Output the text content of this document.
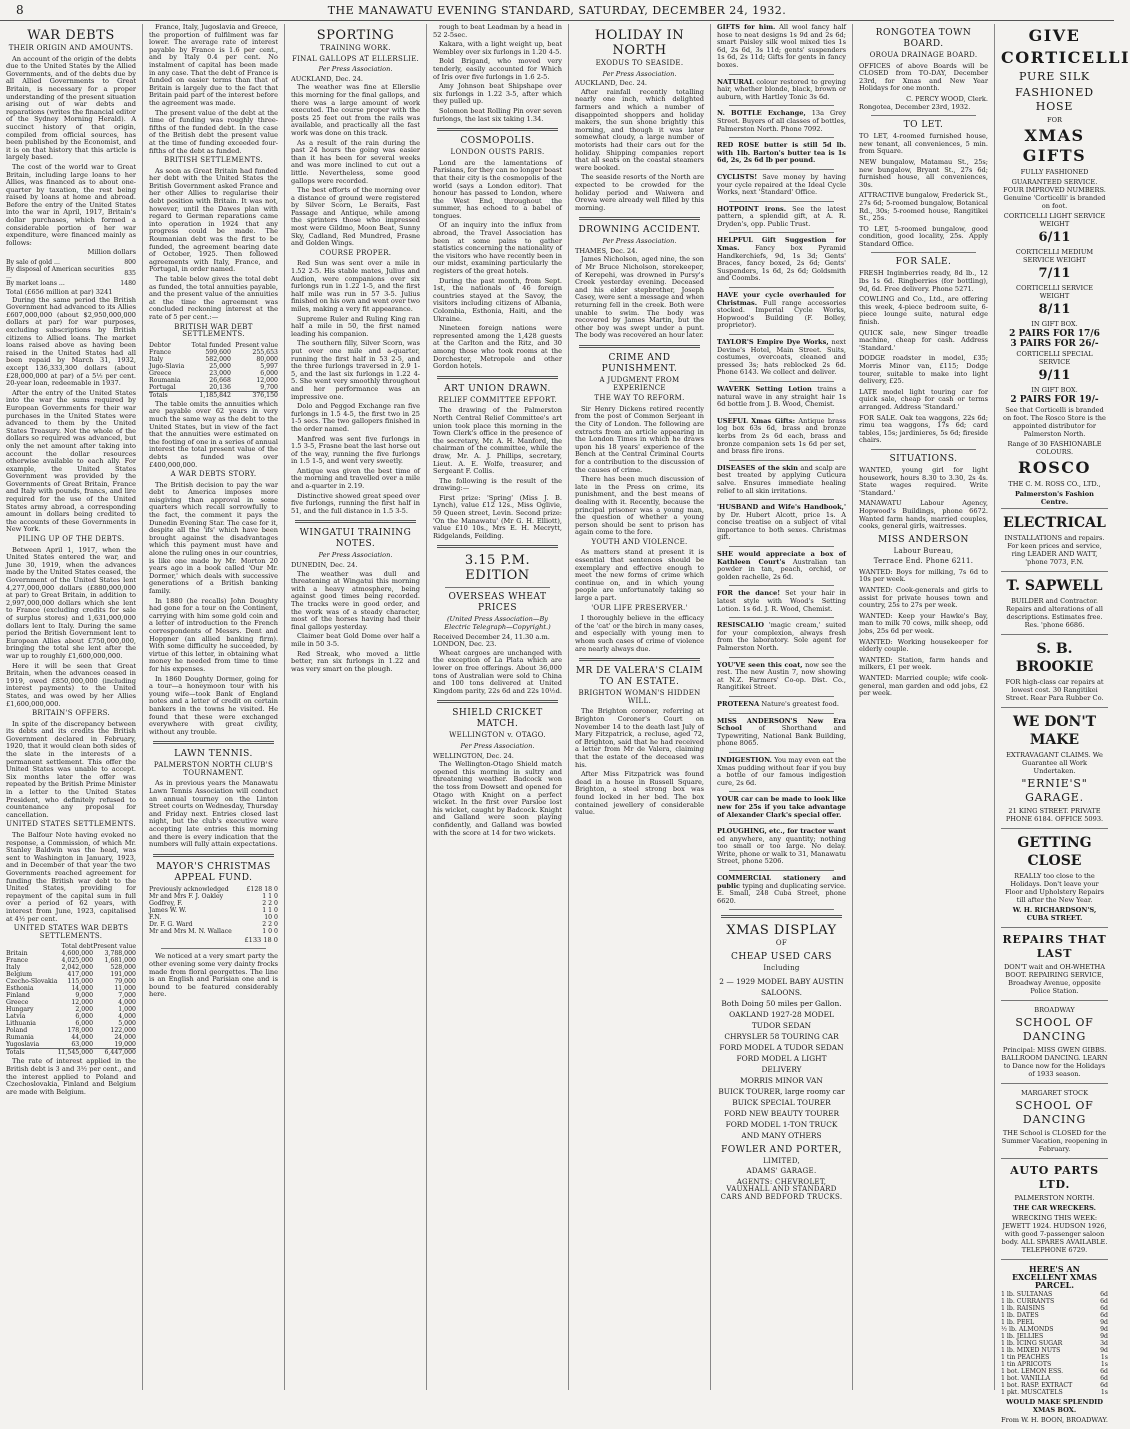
8	THE MANAWATU EVENING STANDARD, SATURDAY, DECEMBER 24, 1932.
WAR DEBTS
THEIR ORIGIN AND AMOUNTS.

An account of the origin of the debts due to the United States by the Allied Governments, and of the debts due by all Allied Governments to Great Britain, is necessary for a proper understanding of the present situation arising out of war debts and reparations (writes the financial editor of the Sydney Morning Herald). A succinct history of that origin, compiled from official sources, has been published by the Economist, and it is on that history that this article is largely based.

The cost of the world war to Great Britain, including large loans to her Allies, was financed as to about one-quarter by taxation, the rest being raised by loans at home and abroad. Before the entry of the United States into the war in April, 1917, Britain's dollar purchases, which formed a considerable portion of her war expenditure, were financed mainly as follows:

Million dollars
By sale of gold ...	800
By disposal of American securities ...	835
By market loans ...	1480
Total (£656 million at par) 3241

During the same period the British Government had advanced to its Allies £607,000,000 (about $2,950,000,000 dollars at par) for war purposes, excluding subscriptions by British citizens to Allied loans. The market loans raised above as having been raised in the United States had all been repaid by March 31, 1932, except 136,333,300 dollars (about £28,000,000 at par) of a 5½ per cent. 20-year loan, redeemable in 1937.

After the entry of the United States into the war the sums required by European Governments for their war purchases in the United States were advanced to them by the United States Treasury. Not the whole of the dollars so required was advanced, but only the net amount after taking into account the dollar resources otherwise available to each ally. For example, the United States Government was provided by the Governments of Great Britain, France and Italy with pounds, francs, and lire required for the use of the United States army abroad, a corresponding amount in dollars being credited to the accounts of these Governments in New York.

PILING UP OF THE DEBTS.

Between April 1, 1917, when the United States entered the war, and June 30, 1919, when the advances made by the United States ceased, the Government of the United States lent 4,277,000,000 dollars (£880,000,000 at par) to Great Britain, in addition to 2,997,000,000 dollars which she lent to France (excluding credits for sale of surplus stores) and 1,631,000,000 dollars lent to Italy. During the same period the British Government lent to European Allies about £750,000,000, bringing the total she lent after the war up to roughly £1,600,000,000.

Here it will be seen that Great Britain, when the advances ceased in 1919, owed £850,000,000 (including interest payments) to the United States, and was owed by her Allies £1,600,000,000.

BRITAIN'S OFFERS.

In spite of the discrepancy between its debts and its credits the British Government declared in February, 1920, that it would clean both sides of the slate in the interests of a permanent settlement. This offer the United States was unable to accept. Six months later the offer was repeated by the British Prime Minister in a letter to the United States President, who definitely refused to countenance any proposal for cancellation.

UNITED STATES SETTLEMENTS.

The Balfour Note having evoked no response, a Commission, of which Mr. Stanley Baldwin was the head, was sent to Washington in January, 1923, and in December of that year the two Governments reached agreement for funding the British war debt to the United States, providing for repayment of the capital sum in full over a period of 62 years, with interest from June, 1923, capitalised at 4½ per cent.

UNITED STATES WAR DEBTS SETTLEMENTS.
	Total debt	Present value
Britain	4,600,000	3,788,000
France	4,025,000	1,681,000
Italy	2,042,000	528,000
Belgium	417,000	191,000
Czecho-Slovakia	115,000	79,000
Esthonia	14,000	11,000
Finland	9,000	7,000
Greece	12,000	4,000
Hungary	2,000	1,000
Latvia	6,000	4,000
Lithuania	6,000	5,000
Poland	178,000	122,000
Rumania	44,000	24,000
Yugoslavia	63,000	19,000
Totals	11,545,000	6,447,000

The rate of interest applied in the British debt is 3 and 3½ per cent., and the interest applied to Poland and Czechoslovakia, Finland and Belgium are made with Belgium.

France, Italy, Jugoslavia and Greece, the proportion of fulfilment was far lower. The average rate of interest payable by France is 1.6 per cent., and by Italy 0.4 per cent. No instalment of capital has been made in any case. That the debt of France is funded on easier terms than that of Britain is largely due to the fact that Britain paid part of the interest before the agreement was made.

The present value of the debt at the time of funding was roughly three-fifths of the funded debt. In the case of the British debt the present value at the time of funding exceeded four-fifths of the debt as funded.

BRITISH SETTLEMENTS.

As soon as Great Britain had funded her debt with the United States the British Government asked France and her other Allies to regularise their debt position with Britain. It was not, however, until the Dawes plan with regard to German reparations came into operation in 1924 that any progress could be made. The Roumanian debt was the first to be funded, the agreement bearing date of October, 1925. Then followed agreements with Italy, France, and Portugal, in order named.

The table below gives the total debt as funded, the total annuities payable, and the present value of the annuities at the time the agreement was concluded reckoning interest at the rate of 5 per cent.:—

BRITISH WAR DEBT SETTLEMENTS.
Debtor	Total funded	Present value
France	599,600	255,653
Italy	582,000	80,000
Jugo-Slavia	25,000	5,997
Greece	23,000	6,000
Roumania	26,668	12,000
Portugal	20,136	9,700
Totals	1,185,842	376,150

The table omits the annuities which are payable over 62 years in very much the same way as the debt to the United States, but in view of the fact that the annuities were estimated on the footing of one in a series of annual interest the total present value of the debts as funded was over £400,000,000.

A WAR DEBTS STORY.

The British decision to pay the war debt to America imposes more misgiving than approval in some quarters which recall sorrowfully to the fact, the comment it pays the Dunedin Evening Star. The case for it, despite all the 'ifs' which have been brought against the disadvantages which this payment must have and alone the ruling ones in our countries, is like one made by Mr. Morton 20 years ago in a book called 'Our Mr. Dormer,' which deals with successive generations of a British banking family.

In 1880 (he recalls) John Doughty had gone for a tour on the Continent, carrying with him some gold coin and a letter of introduction to the French correspondents of Messrs. Dent and Hoppner (an allied banking firm). With some difficulty he succeeded, by virtue of this letter, in obtaining what money he needed from time to time for his expenses.

In 1860 Doughty Dormer, going for a tour—a honeymoon tour with his young wife—took Bank of England notes and a letter of credit on certain bankers in the towns he visited. He found that these were exchanged everywhere with great civility, without any trouble.

LAWN TENNIS.
PALMERSTON NORTH CLUB'S TOURNAMENT.

As in previous years the Manawatu Lawn Tennis Association will conduct an annual tourney on the Linton Street courts on Wednesday, Thursday and Friday next. Entries closed last night, but the club's executive were accepting late entries this morning and there is every indication that the numbers will fully attain expectations.

MAYOR'S CHRISTMAS APPEAL FUND.
Previously acknowledged	£128 18 0
Mr and Mrs F. J. Oakley	1 1 0
Godfrey, F.	2 2 0
James W. W.	1 1 0
F.N.	10 0
Dr. F. G. Ward	2 2 0
Mr and Mrs M. N. Wallace	1 0 0
£133 18 0

We noticed at a very smart party the other evening some very dainty frocks made from floral georgettes. The line is an English and Parisian one and is bound to be featured considerably here.

SPORTING
TRAINING WORK.
FINAL GALLOPS AT ELLERSLIE.
Per Press Association.
AUCKLAND, Dec. 24.

The weather was fine at Ellerslie this morning for the final gallops, and there was a large amount of work executed. The course proper with the posts 25 feet out from the rails was available, and practically all the fast work was done on this track.

As a result of the rain during the past 24 hours the going was easier than it has been for several weeks and was more inclined to cut out a little. Nevertheless, some good gallops were recorded.

The best efforts of the morning over a distance of ground were registered by Silver Scorn, Le Beraits, Fast Passage and Antique, while among the sprinters those who impressed most were Gildmo, Moon Beat, Sunny Sky, Cadland, Red Mundred, Frasne and Golden Wings.

COURSE PROPER.

Red Sun was sent over a mile in 1.52 2-5. His stable mates, Julius and Audion, were companions over six furlongs run in 1.22 1-5, and the first half mile was run in 57 3-5. Julius finished on his own and went over two miles, making a very fit appearance.

Supreme Ruler and Ruling King ran half a mile in 50, the first named leading his companion.

The southern filly, Silver Scorn, was put over one mile and a-quarter, running the first half in 53 2-5, and the three furlongs traversed in 2.9 1-5, and the last six furlongs in 1.22 4-5. She went very smoothly throughout and her performance was an impressive one.

Dolo and Peggod Exchange ran five furlongs in 1.5 4-5, the first two in 25 1-5 secs. The two gallopers finished in the order named.

Manfred was sent five furlongs in 1.5 3-5, Frasne beat the last horse out of the way, running the five furlongs in 1.5 1-5, and went very sweetly.

Antique was given the best time of the morning and travelled over a mile and a-quarter in 2.19.

Distinctive showed great speed over five furlongs, running the first half in 51, and the full distance in 1.5 3-5.

WINGATUI TRAINING NOTES.
Per Press Association.
DUNEDIN, Dec. 24.

The weather was dull and threatening at Wingatui this morning with a heavy atmosphere, being against good times being recorded. The tracks were in good order, and the work was of a steady character, most of the horses having had their final gallops yesterday.

Claimer beat Gold Dome over half a mile in 50 3-5.

Red Streak, who moved a little better, ran six furlongs in 1.22 and was very smart on the plough.

rough to beat Leadman by a head in 52 2-5sec.

Kakara, with a light weight up, beat Wembley over six furlongs in 1.20 4-5.

Bold Brigand, who moved very tenderly, easily accounted for Which of Iris over five furlongs in 1.6 2-5.

Amy Johnson beat Shipshape over six furlongs in 1.22 3-5, after which they pulled up.

Solomon beat Rolling Pin over seven furlongs, the last six taking 1.34.

COSMOPOLIS.
LONDON OUSTS PARIS.

Lond are the lamentations of Parisians, for they can no longer boast that their city is the cosmopolis of the world (says a London editor). That honour has passed to London, where the West End, throughout the summer, has echoed to a babel of tongues.

Of an inquiry into the influx from abroad, the Travel Association has been at some pains to gather statistics concerning the nationality of the visitors who have recently been in our midst, examining particularly the registers of the great hotels.

During the past month, from Sept. 1st, the nationals of 46 foreign countries stayed at the Savoy, the visitors including citizens of Albania, Colombia, Esthonia, Haiti, and the Ukraine.

Nineteen foreign nations were represented among the 1,428 guests at the Carlton and the Ritz, and 30 among those who took rooms at the Dorchester, Metropole and other Gordon hotels.

ART UNION DRAWN.
RELIEF COMMITTEE EFFORT.

The drawing of the Palmerston North Central Relief Committee's art union took place this morning in the Town Clerk's office in the presence of the secretary, Mr. A. H. Manford, the chairman of the committee, while the draw, Mr. A. J. Phillips, secretary, Lieut. A. E. Wolfe, treasurer, and Sergeant F. Collis.

The following is the result of the drawing:—

First prize: 'Spring' (Miss J. B. Lynch), value £12 12s., Miss Oglivie, 59 Queen street, Levin. Second prize: 'On the Manawatu' (Mr G. H. Elliott), value £10 10s., Mrs E. H. Mecrytt, Ridgelands, Feilding.

3.15 P.M. EDITION
OVERSEAS WHEAT PRICES
(United Press Association—By Electric Telegraph—Copyright.)
Received December 24, 11.30 a.m. LONDON, Dec. 23.

Wheat cargoes are unchanged with the exception of La Plata which are lower on free offerings. About 36,000 tons of Australian were sold to China and 100 tons delivered at United Kingdom parity, 22s 6d and 22s 10½d.

SHIELD CRICKET MATCH.
WELLINGTON v. OTAGO.
Per Press Association.
WELLINGTON, Dec. 24.

The Wellington-Otago Shield match opened this morning in sultry and threatening weather. Badcock won the toss from Dowsett and opened for Otago with Knight on a perfect wicket. In the first over Parsloe lost his wicket, caught by Badcock. Knight and Galland were soon playing confidently, and Galland was bowled with the score at 14 for two wickets.

HOLIDAY IN NORTH
EXODUS TO SEASIDE.
Per Press Association.
AUCKLAND, Dec. 24.

After rainfall recently totalling nearly one inch, which delighted farmers and which a number of disappointed shoppers and holiday makers, the sun shone brightly this morning, and though it was later somewhat cloudy, a large number of motorists had their cars out for the holiday. Shipping companies report that all seats on the coastal steamers were booked.

The seaside resorts of the North are expected to be crowded for the holiday period and Waiwera and Orewa were already well filled by this morning.

DROWNING ACCIDENT.
Per Press Association.
THAMES, Dec. 24.

James Nicholson, aged nine, the son of Mr Bruce Nicholson, storekeeper, of Kerepehi, was drowned in Pursy's Creek yesterday evening. Deceased and his elder stepbrother, Joseph Casey, were sent a message and when returning fell in the creek. Both were unable to swim. The body was recovered by James Martin, but the other boy was swept under a punt. The body was recovered an hour later.

CRIME AND PUNISHMENT.
A JUDGMENT FROM EXPERIENCE
THE WAY TO REFORM.

Sir Henry Dickens retired recently from the post of Common Serjeant in the City of London. The following are extracts from an article appearing in the London Times in which he draws upon his 18 years' experience of the Bench at the Central Criminal Courts for a contribution to the discussion of the causes of crime.

There has been much discussion of late in the Press on crime, its punishment, and the best means of dealing with it. Recently, because the principal prisoner was a young man, the question of whether a young person should be sent to prison has again come to the fore.

YOUTH AND VIOLENCE.

As matters stand at present it is essential that sentences should be exemplary and effective enough to meet the new forms of crime which continue on, and in which young people are unfortunately taking so large a part.

'OUR LIFE PRESERVER.'

I thoroughly believe in the efficacy of the 'cat' or the birch in many cases, and especially with young men to whom such cases of crime of violence are nearly always due.

MR DE VALERA'S CLAIM TO AN ESTATE.
BRIGHTON WOMAN'S HIDDEN WILL.

The Brighton coroner, referring at Brighton Coroner's Court on November 14 to the death last July of Mary Fitzpatrick, a recluse, aged 72, of Brighton, said that he had received a letter from Mr de Valera, claiming that the estate of the deceased was his.

After Miss Fitzpatrick was found dead in a house in Russell Square, Brighton, a steel strong box was found locked in her bed. The box contained jewellery of considerable value.

GIFTS for him. All wool fancy half hose to neat designs 1s 9d and 2s 6d; smart Paisley silk wool mixed ties 1s 6d, 2s 6d, 3s 11d; gents' suspenders 1s 6d, 2s 11d; Gifts for gents in fancy boxes.

NATURAL colour restored to greying hair, whether blonde, black, brown or auburn, with Hartley Tonic 3s 6d.

N. BOTTLE Exchange, 13a Grey Street. Buyers of all classes of bottles, Palmerston North. Phone 7092.

RED ROSE butter is still 5d lb. with 1lb. Barton's butter tea is 1s 6d, 2s, 2s 6d lb per pound.

CYCLISTS! Save money by having your cycle repaired at the Ideal Cycle Works, next 'Standard' Office.

HOTPOINT irons. See the latest pattern, a splendid gift, at A. R. Dryden's, opp. Public Trust.

HELPFUL Gift Suggestion for Xmas. Fancy box Pyramid Handkerchiefs, 9d, 1s 3d; Gents' Braces, fancy boxed, 2s 6d; Gents' Suspenders, 1s 6d, 2s 6d; Goldsmith and Coombs.

HAVE your cycle overhauled for Christmas. Full range accessories stocked. Imperial Cycle Works, Hopwood's Building (F. Bolley, proprietor).

TAYLOR'S Empire Dye Works, next Devine's Hotel, Main Street. Suits, costumes, overcoats, cleaned and pressed 3s; hats reblocked 2s 6d. Phone 6143. We collect and deliver.

WAVERK Setting Lotion trains a natural wave in any straight hair 1s 6d bottle from J. B. Wood, Chemist.

USEFUL Xmas Gifts: Antique brass log box 63s 6d, brass and bronze kerbs from 2s 6d each, brass and bronze companion sets 1s 6d per set, and brass fire irons.

DISEASES of the skin and scalp are best treated by applying Cuticura salve. Ensures immediate healing relief to all skin irritations.

'HUSBAND and Wife's Handbook,' by Dr. Hubert Alcott, price 1s. A concise treatise on a subject of vital importance to both sexes. Christmas gift.

SHE would appreciate a box of Kathleen Court's Australian tan powder in tan, peach, orchid, or golden rachelle, 2s 6d.

FOR the dance! Set your hair in latest style with Wood's Setting Lotion. 1s 6d. J. R. Wood, Chemist.

RESISCALIO 'magic cream,' suited for your complexion, always fresh from the laboratory. Sole agent for Palmerston North.

YOU'VE seen this coat, now see the rest. The new Austin 7, now showing at N.Z. Farmers' Co-op. Dist. Co., Rangitikei Street.

PROTEENA Nature's greatest food.

MISS ANDERSON'S New Era School	of Shorthand and Typewriting, National Bank Building, phone 8065.

INDIGESTION. You may even eat the Xmas pudding without fear if you buy a bottle of our famous indigestion cure, 2s 6d.

YOUR car can be made to look like new for 25s if you take advantage of Alexander Clark's special offer.

PLOUGHING, etc., for tractor want ed anywhere, any quantity; nothing too small or too large. No delay. Write, phone or walk to 31, Manawatu Street, phone 5206.

COMMERCIAL stationery and public typing and duplicating service. E. Small, 248 Cuba Street, phone 6620.

XMAS DISPLAY
OF
CHEAP USED CARS
Including
2 — 1929 MODEL BABY AUSTIN SALOONS.
Both Doing 50 miles per Gallon.
OAKLAND 1927-28 MODEL TUDOR SEDAN
CHRYSLER 58 TOURING CAR
FORD MODEL A TUDOR SEDAN
FORD MODEL A LIGHT DELIVERY
MORRIS MINOR VAN
BUICK TOURER, large roomy car
BUICK SPECIAL TOURER
FORD NEW BEAUTY TOURER
FORD MODEL 1-TON TRUCK
AND MANY OTHERS
FOWLER AND PORTER,
LIMITED,
ADAMS' GARAGE.
AGENTS: CHEVROLET, VAUXHALL AND STANDARD CARS AND BEDFORD TRUCKS.
RONGOTEA TOWN BOARD.
OROUA DRAINAGE BOARD.

OFFICES of above Boards will be CLOSED from TO-DAY, December 23rd, for Xmas and New Year Holidays for one month.

C. PERCY WOOD, Clerk.
Rongotea, December 23rd, 1932.
TO LET.

TO LET, 4-roomed furnished house, new tenant, all conveniences, 5 min. from Square.

NEW bungalow, Matamau St., 25s; new bungalow, Bryant St., 27s 6d; furnished house, all conveniences, 30s.

ATTRACTIVE bungalow, Frederick St., 27s 6d; 5-roomed bungalow, Botanical Rd., 30s; 5-roomed house, Rangitikei St., 25s.

TO LET, 5-roomed bungalow, good condition, good locality, 25s. Apply Standard Office.

FOR SALE.

FRESH Inginberries ready, 8d lb., 12 lbs 1s 6d. Ringberries (for bottling), 9d, 6d. Free delivery. Phone 5271.

COWLING and Co., Ltd., are offering this week, 4-piece bedroom suite, 6-piece lounge suite, natural edge finish.

QUICK sale, new Singer treadle machine, cheap for cash. Address 'Standard.'

DODGE roadster in model, £35; Morris Minor van, £115; Dodge tourer, suitable to make into light delivery, £25.

LATE model light touring car for quick sale, cheap for cash or terms arranged. Address 'Standard.'

FOR SALE. Oak tea waggons, 22s 6d; rimu tea waggons, 17s 6d; card tables, 15s; jardinieres, 5s 6d; fireside chairs.

SITUATIONS.

WANTED, young girl for light housework, hours 8.30 to 3.30, 2s 4s. State wages required. Write 'Standard.'

MANAWATU Labour Agency, Hopwood's Buildings, phone 6672. Wanted farm hands, married couples, cooks, general girls, waitresses.

MISS ANDERSON
Labour Bureau,
Terrace End. Phone 6211.

WANTED: Boys for milking, 7s 6d to 10s per week.

WANTED: Cook-generals and girls to assist for private houses town and country, 25s to 27s per week.

WANTED: Keep your Hawke's Bay, man to milk 70 cows, milk sheep, odd jobs, 25s 6d per week.

WANTED: Working housekeeper for elderly couple.

WANTED: Station, farm hands and milkers, £1 per week.

WANTED: Married couple; wife cook-general, man garden and odd jobs, £2 per week.

GIVE
CORTICELLI
PURE SILK
FASHIONED HOSE
FOR
XMAS GIFTS
FULLY FASHIONED
GUARANTEED SERVICE. FOUR IMPROVED NUMBERS. Genuine 'Corticelli' is branded on foot.
CORTICELLI LIGHT SERVICE WEIGHT
6/11
CORTICELLI MEDIUM SERVICE WEIGHT
7/11
CORTICELLI SERVICE WEIGHT
8/11
IN GIFT BOX.
2 PAIRS FOR 17/6
3 PAIRS FOR 26/-
CORTICELLI SPECIAL SERVICE
9/11
IN GIFT BOX.
2 PAIRS FOR 19/-
See that Corticelli is branded on foot. The Rosco Store is the appointed distributor for Palmerston North.
Range of 30 FASHIONABLE COLOURS.
ROSCO
THE C. M. ROSS CO., LTD.,
Palmerston's Fashion Centre.
ELECTRICAL
INSTALLATIONS and repairs. For keen prices and service, ring LEADER AND WATT, 'phone 7073, F.N.
T. SAPWELL
BUILDER and Contractor. Repairs and alterations of all descriptions. Estimates free. Res. 'phone 6686.
S. B. BROOKIE
FOR high-class car repairs at lowest cost. 30 Rangitikei Street. Rear Para Rubber Co.
WE DON'T MAKE
EXTRAVAGANT CLAIMS. We Guarantee all Work Undertaken.
"ERNIE'S" GARAGE.
21 KING STREET. PRIVATE PHONE 6184. OFFICE 5093.
GETTING CLOSE
REALLY too close to the Holidays. Don't leave your Floor and Upholstery Repairs till after the New Year.
W. H. RICHARDSON'S, CUBA STREET.
REPAIRS THAT LAST
DON'T wait and OH-WHETHA BOOT. REPAIRING SERVICE, Broadway Avenue, opposite Police Station.
BROADWAY
SCHOOL OF DANCING
Principal: MISS GWEN GIBBS. BALLROOM DANCING. LEARN to Dance now for the Holidays of 1933 season.
MARGARET STOCK
SCHOOL OF DANCING
THE School is CLOSED for the Summer Vacation, reopening in February.
AUTO PARTS LTD.
PALMERSTON NORTH.
THE CAR WRECKERS.
WRECKING THIS WEEK: JEWETT 1924. HUDSON 1926, with good 7-passenger saloon body. ALL SPARES AVAILABLE. TELEPHONE 6729.
HERE'S AN EXCELLENT XMAS PARCEL.
1 lb. SULTANAS	6d
1 lb. CURRANTS	6d
1 lb. RAISINS	6d
1 lb. DATES	6d
1 lb. PEEL	9d
½ lb. ALMONDS	9d
1 lb. JELLIES	9d
1 lb. ICING SUGAR	3d
1 lb. MIXED NUTS	9d
1 tin PEACHES	1s
1 tin APRICOTS	1s
1 bot. LEMON ESS.	6d
1 bot. VANILLA	6d
1 bot. RASP. EXTRACT	6d
1 pkt. MUSCATELS	1s
WOULD MAKE SPLENDID XMAS BOX.
From W. H. BOON, BROADWAY.
